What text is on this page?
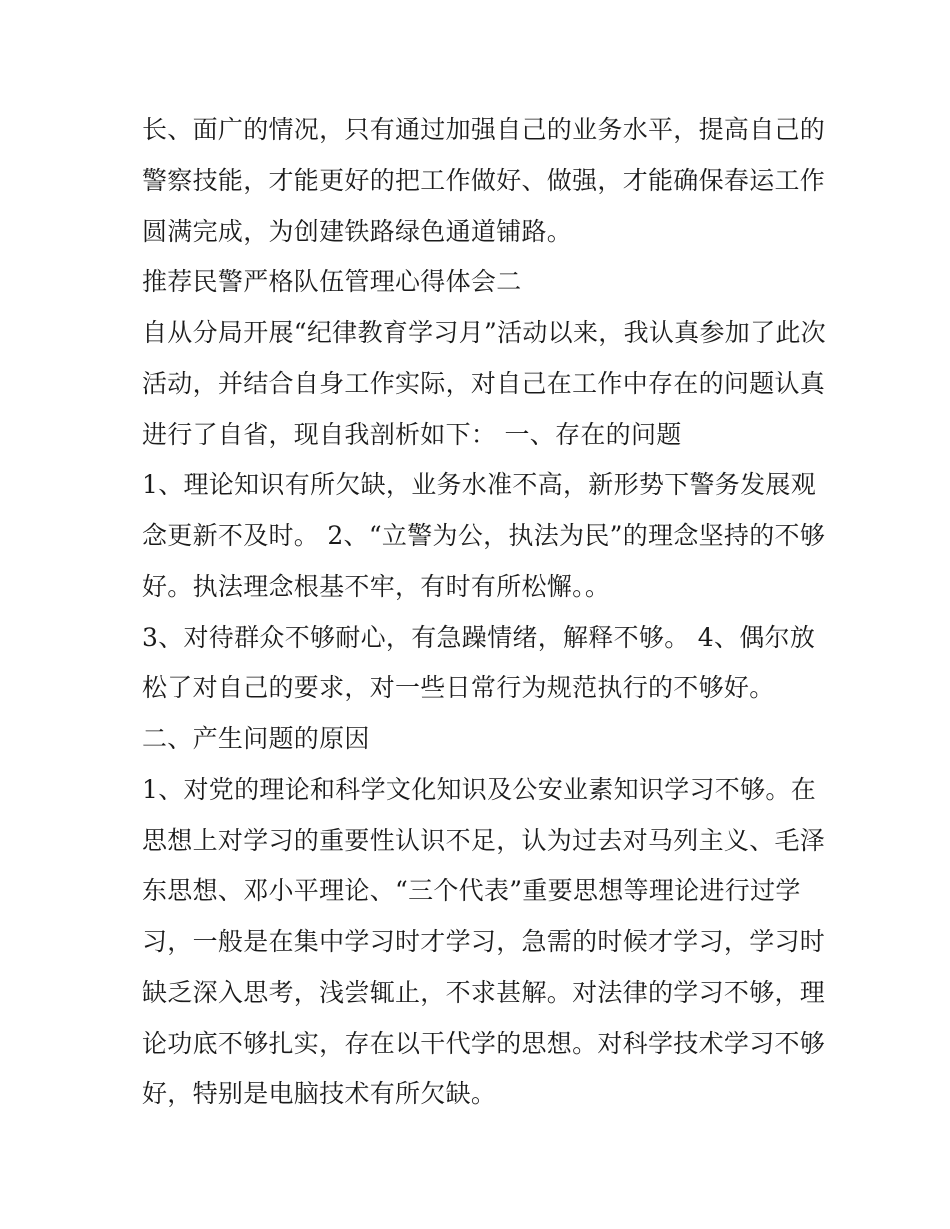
长、面广的情况，只有通过加强自己的业务水平，提高自己的
警察技能，才能更好的把工作做好、做强，才能确保春运工作
圆满完成，为创建铁路绿色通道铺路。
推荐民警严格队伍管理心得体会二
自从分局开展“纪律教育学习月”活动以来，我认真参加了此次
活动，并结合自身工作实际，对自己在工作中存在的问题认真
进行了自省，现自我剖析如下： 一、存在的问题
1、理论知识有所欠缺，业务水准不高，新形势下警务发展观
念更新不及时。 2、“立警为公，执法为民”的理念坚持的不够
好。执法理念根基不牢，有时有所松懈。。
3、对待群众不够耐心，有急躁情绪，解释不够。 4、偶尔放
松了对自己的要求，对一些日常行为规范执行的不够好。
二、产生问题的原因
1、对党的理论和科学文化知识及公安业素知识学习不够。在
思想上对学习的重要性认识不足，认为过去对马列主义、毛泽
东思想、邓小平理论、“三个代表”重要思想等理论进行过学
习，一般是在集中学习时才学习，急需的时候才学习，学习时
缺乏深入思考，浅尝辄止，不求甚解。对法律的学习不够，理
论功底不够扎实，存在以干代学的思想。对科学技术学习不够
好，特别是电脑技术有所欠缺。
